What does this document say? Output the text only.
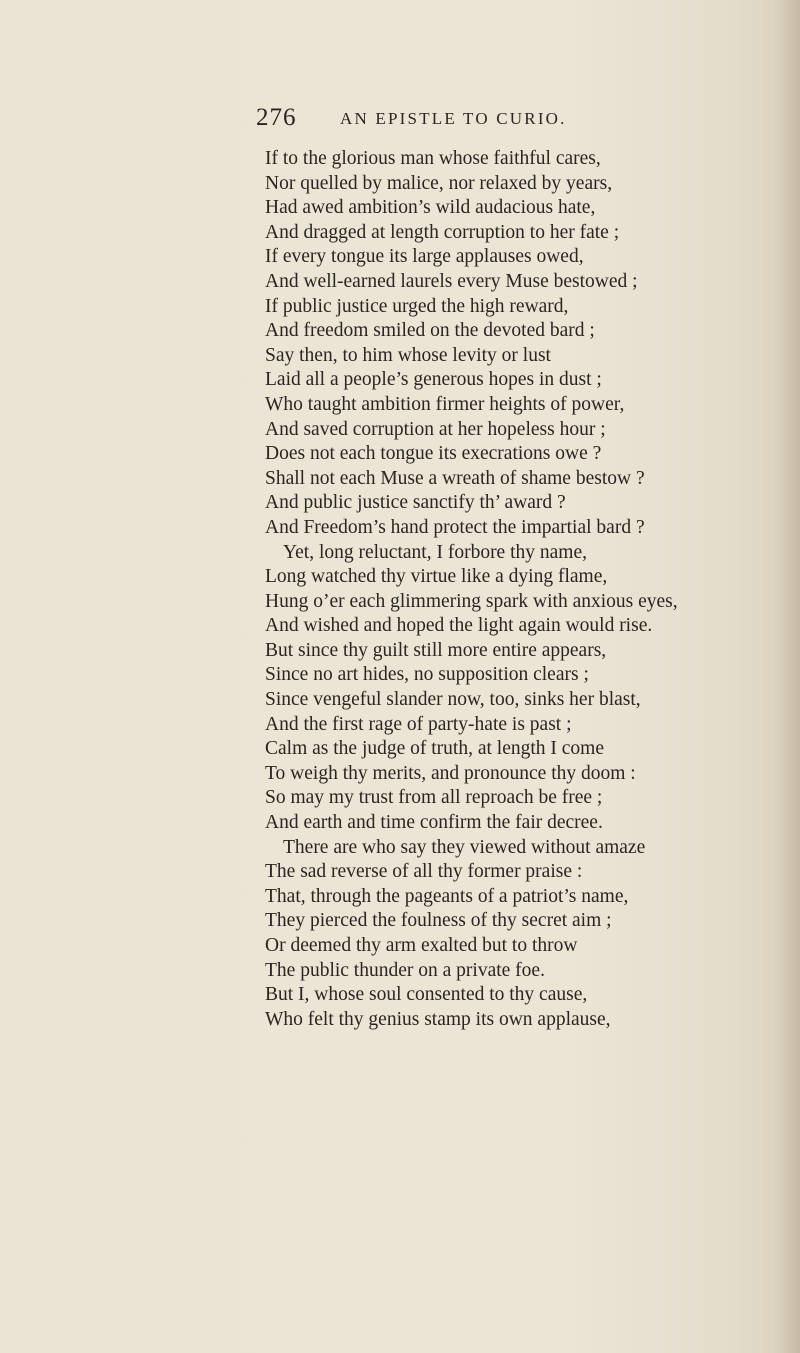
276	AN EPISTLE TO CURIO.
If to the glorious man whose faithful cares,
Nor quelled by malice, nor relaxed by years,
Had awed ambition’s wild audacious hate,
And dragged at length corruption to her fate ;
If every tongue its large applauses owed,
And well-earned laurels every Muse bestowed ;
If public justice urged the high reward,
And freedom smiled on the devoted bard ;
Say then, to him whose levity or lust
Laid all a people’s generous hopes in dust ;
Who taught ambition firmer heights of power,
And saved corruption at her hopeless hour ;
Does not each tongue its execrations owe ?
Shall not each Muse a wreath of shame bestow ?
And public justice sanctify th’ award ?
And Freedom’s hand protect the impartial bard ?
Yet, long reluctant, I forbore thy name,
Long watched thy virtue like a dying flame,
Hung o’er each glimmering spark with anxious eyes,
And wished and hoped the light again would rise.
But since thy guilt still more entire appears,
Since no art hides, no supposition clears ;
Since vengeful slander now, too, sinks her blast,
And the first rage of party-hate is past ;
Calm as the judge of truth, at length I come
To weigh thy merits, and pronounce thy doom :
So may my trust from all reproach be free ;
And earth and time confirm the fair decree.
There are who say they viewed without amaze
The sad reverse of all thy former praise :
That, through the pageants of a patriot’s name,
They pierced the foulness of thy secret aim ;
Or deemed thy arm exalted but to throw
The public thunder on a private foe.
But I, whose soul consented to thy cause,
Who felt thy genius stamp its own applause,
